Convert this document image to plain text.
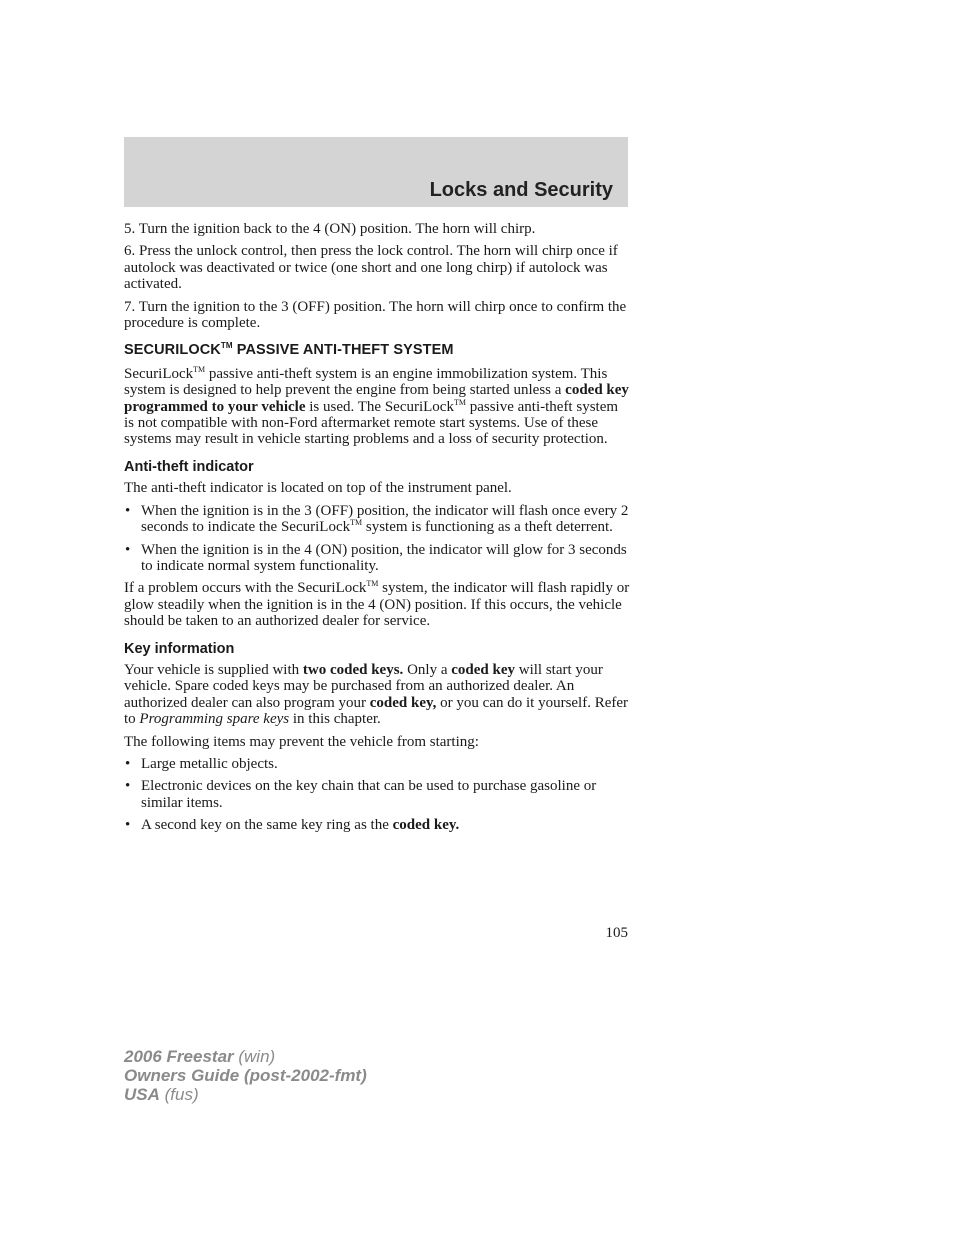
Locks and Security

5. Turn the ignition back to the 4 (ON) position. The horn will chirp.

6. Press the unlock control, then press the lock control. The horn will chirp once if autolock was deactivated or twice (one short and one long chirp) if autolock was activated.

7. Turn the ignition to the 3 (OFF) position. The horn will chirp once to confirm the procedure is complete.

SECURILOCK™ PASSIVE ANTI-THEFT SYSTEM

SecuriLock™ passive anti-theft system is an engine immobilization system. This system is designed to help prevent the engine from being started unless a coded key programmed to your vehicle is used. The SecuriLock™ passive anti-theft system is not compatible with non-Ford aftermarket remote start systems. Use of these systems may result in vehicle starting problems and a loss of security protection.

Anti-theft indicator

The anti-theft indicator is located on top of the instrument panel.

• When the ignition is in the 3 (OFF) position, the indicator will flash once every 2 seconds to indicate the SecuriLock™ system is functioning as a theft deterrent.
• When the ignition is in the 4 (ON) position, the indicator will glow for 3 seconds to indicate normal system functionality.

If a problem occurs with the SecuriLock™ system, the indicator will flash rapidly or glow steadily when the ignition is in the 4 (ON) position. If this occurs, the vehicle should be taken to an authorized dealer for service.

Key information

Your vehicle is supplied with two coded keys. Only a coded key will start your vehicle. Spare coded keys may be purchased from an authorized dealer. An authorized dealer can also program your coded key, or you can do it yourself. Refer to Programming spare keys in this chapter.

The following items may prevent the vehicle from starting:

• Large metallic objects.
• Electronic devices on the key chain that can be used to purchase gasoline or similar items.
• A second key on the same key ring as the coded key.
105
2006 Freestar (win)
Owners Guide (post-2002-fmt)
USA (fus)
